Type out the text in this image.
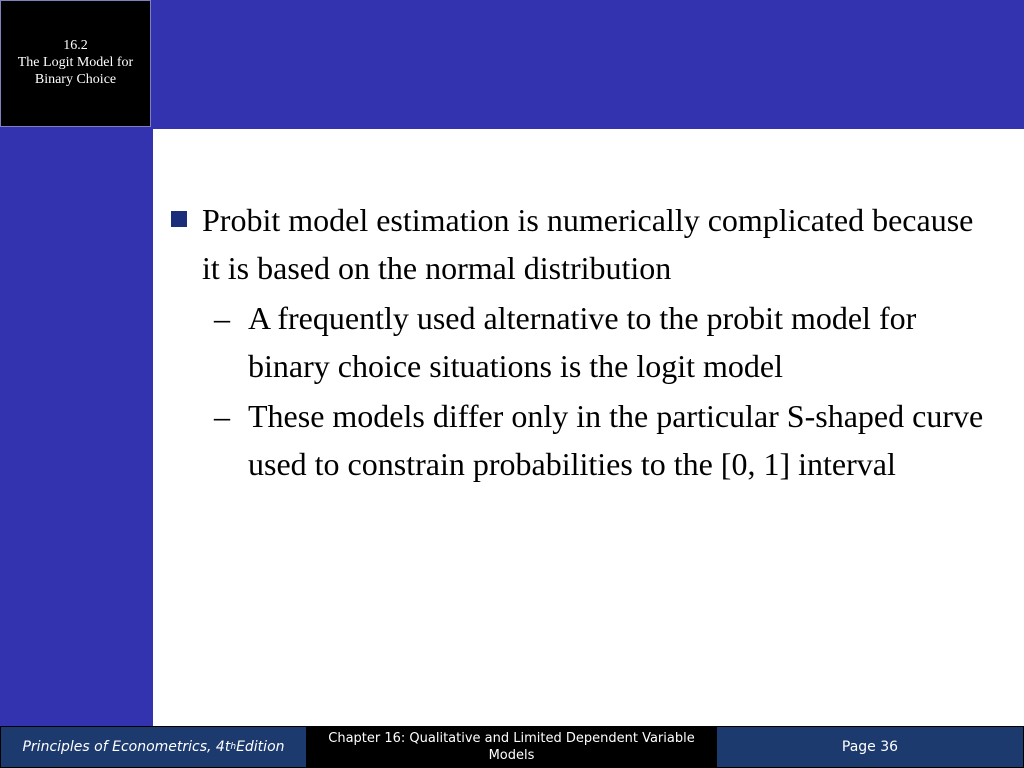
16.2
The Logit Model for
Binary Choice
Probit model estimation is numerically complicated because it is based on the normal distribution
– A frequently used alternative to the probit model for binary choice situations is the logit model
– These models differ only in the particular S-shaped curve used to constrain probabilities to the [0, 1] interval
Principles of Econometrics, 4t h Edition
Chapter 16: Qualitative and Limited Dependent Variable Models
Page 36
